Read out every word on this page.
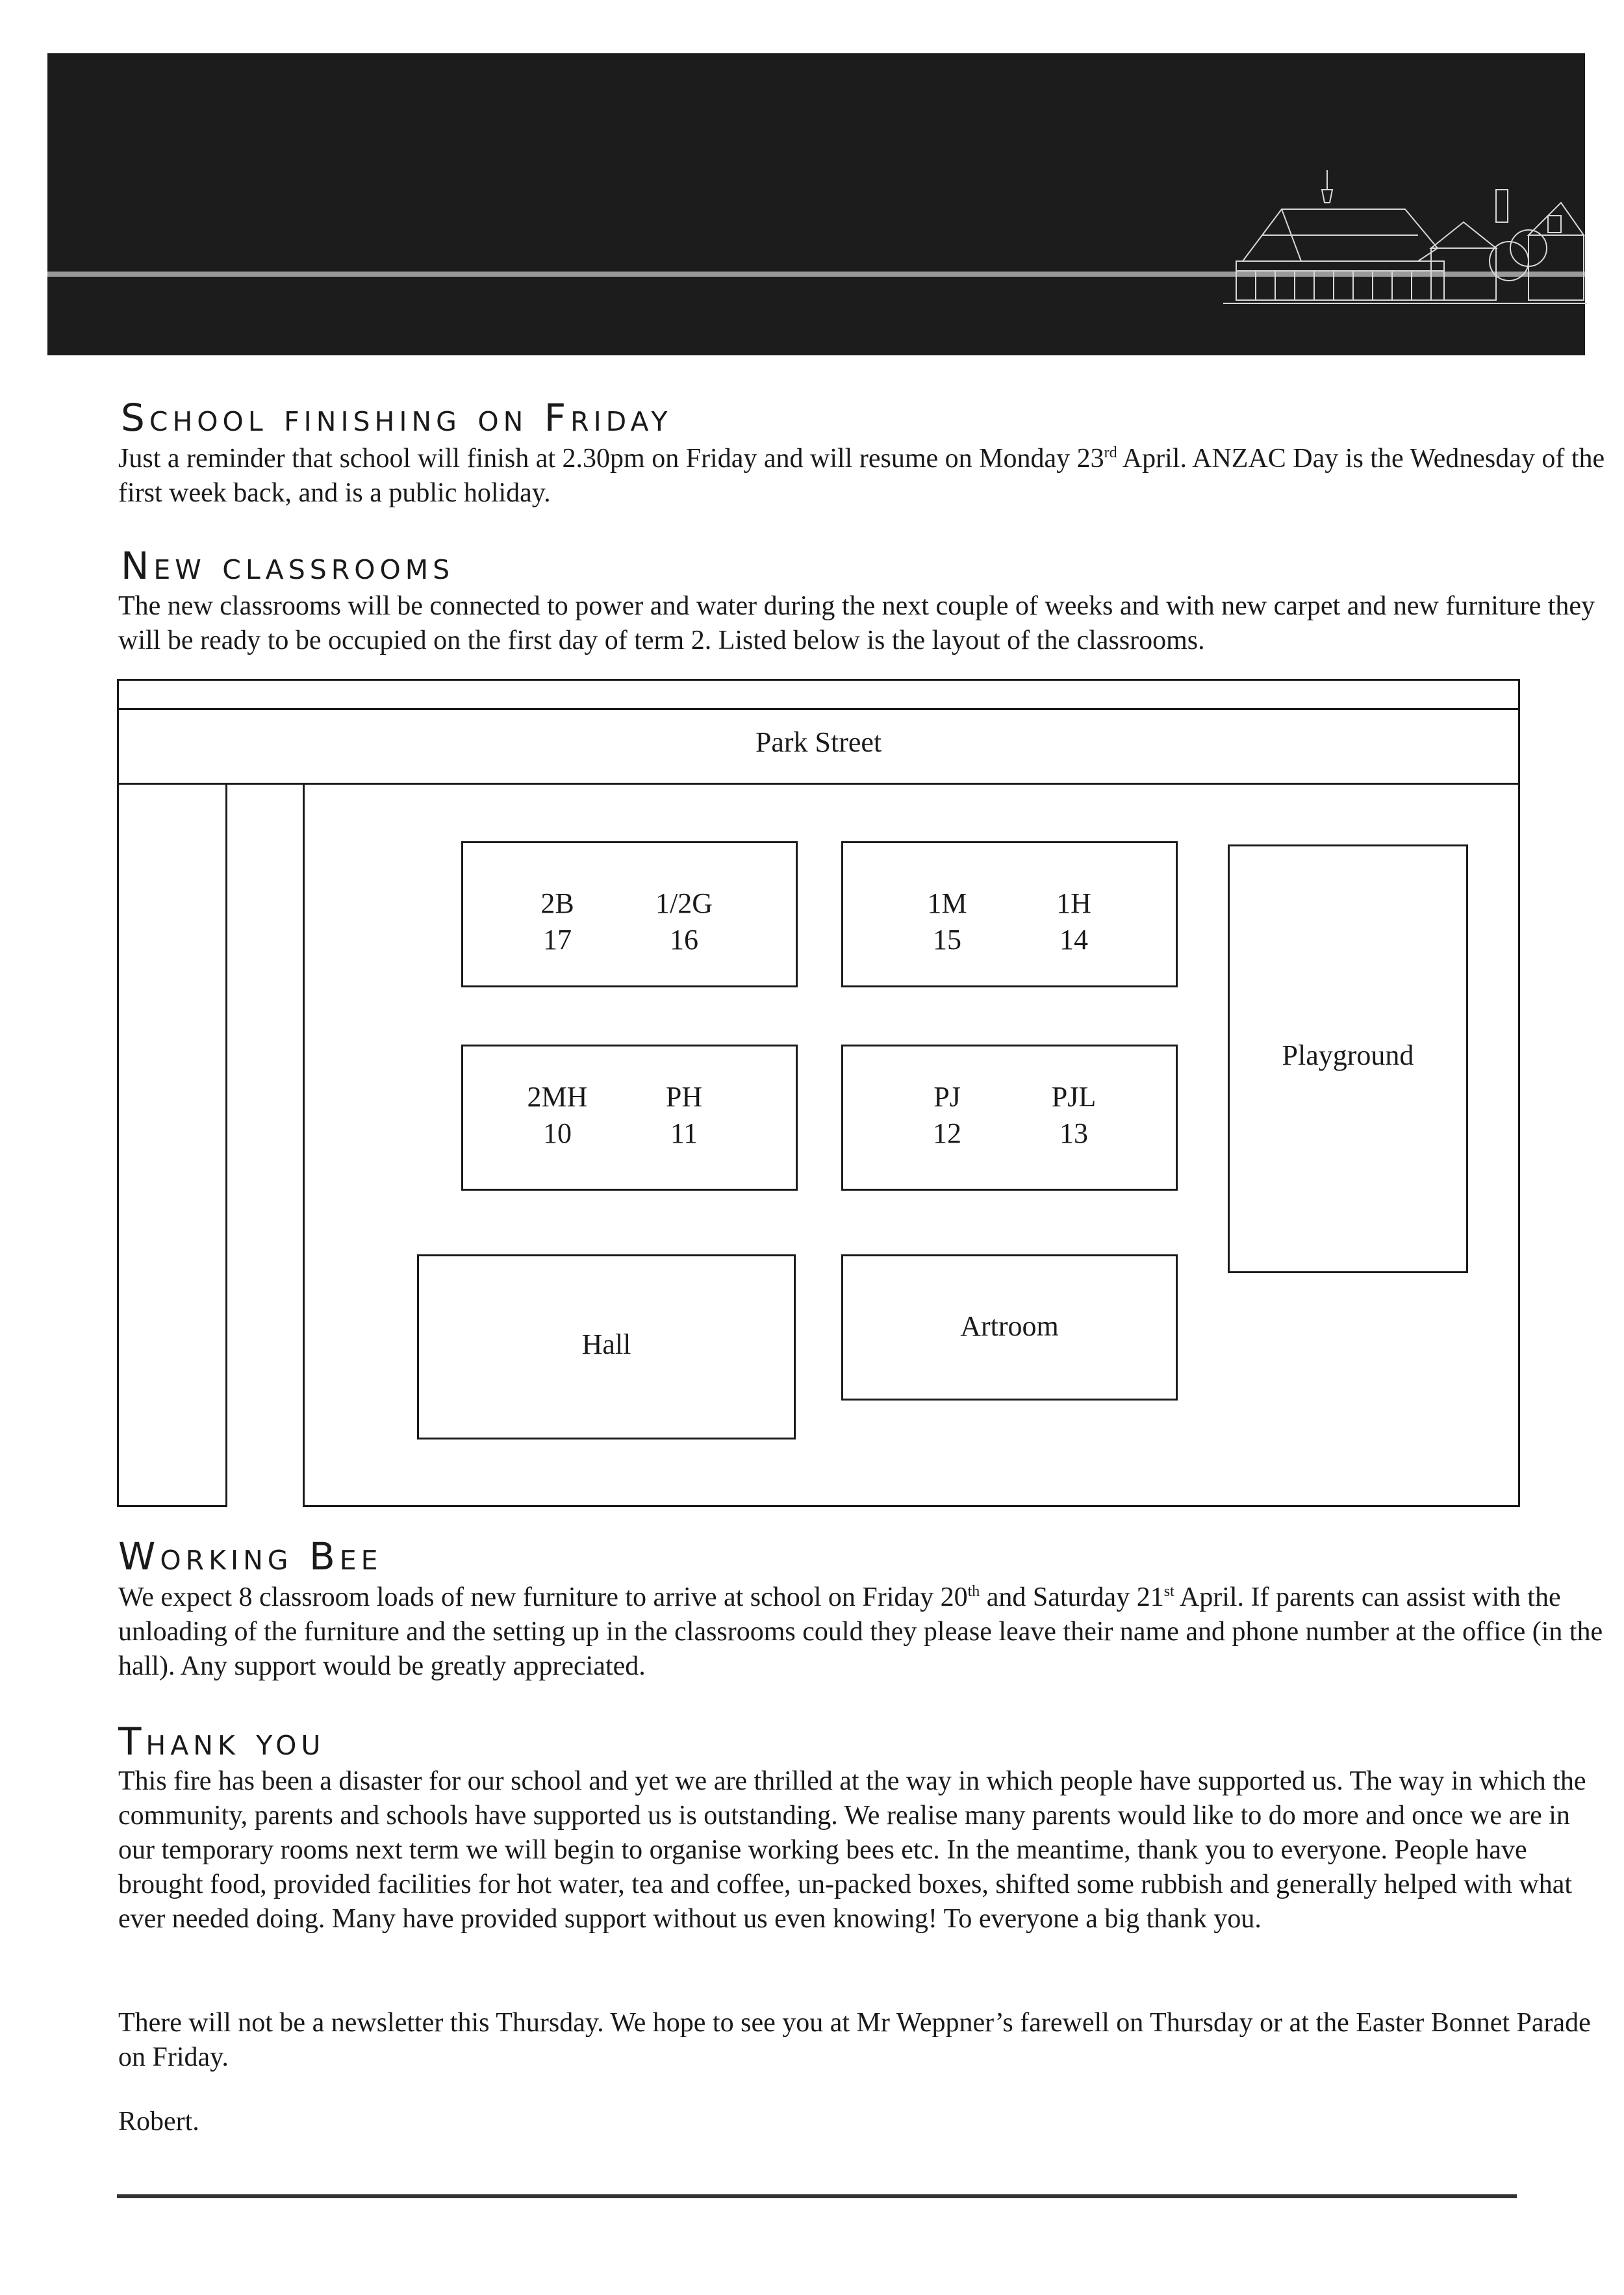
School finishing on Friday

Just a reminder that school will finish at 2.30pm on Friday and will resume on Monday 23rd April. ANZAC Day is the Wednesday of the first week back, and is a public holiday.

New classrooms

The new classrooms will be connected to power and water during the next couple of weeks and with new carpet and new furniture they will be ready to be occupied on the first day of term 2. Listed below is the layout of the classrooms.

Park Street
2B
17
1/2G
16
1M
15
1H
14
2MH
10
PH
11
PJ
12
PJL
13
Playground
Hall
Artroom
Working Bee

We expect 8 classroom loads of new furniture to arrive at school on Friday 20th and Saturday 21st April. If parents can assist with the unloading of the furniture and the setting up in the classrooms could they please leave their name and phone number at the office (in the hall). Any support would be greatly appreciated.

Thank you

This fire has been a disaster for our school and yet we are thrilled at the way in which people have supported us. The way in which the community, parents and schools have supported us is outstanding. We realise many parents would like to do more and once we are in our temporary rooms next term we will begin to organise working bees etc. In the meantime, thank you to everyone. People have brought food, provided facilities for hot water, tea and coffee, un-packed boxes, shifted some rubbish and generally helped with what ever needed doing. Many have provided support without us even knowing! To everyone a big thank you.

There will not be a newsletter this Thursday. We hope to see you at Mr Weppner’s farewell on Thursday or at the Easter Bonnet Parade on Friday.

Robert.
